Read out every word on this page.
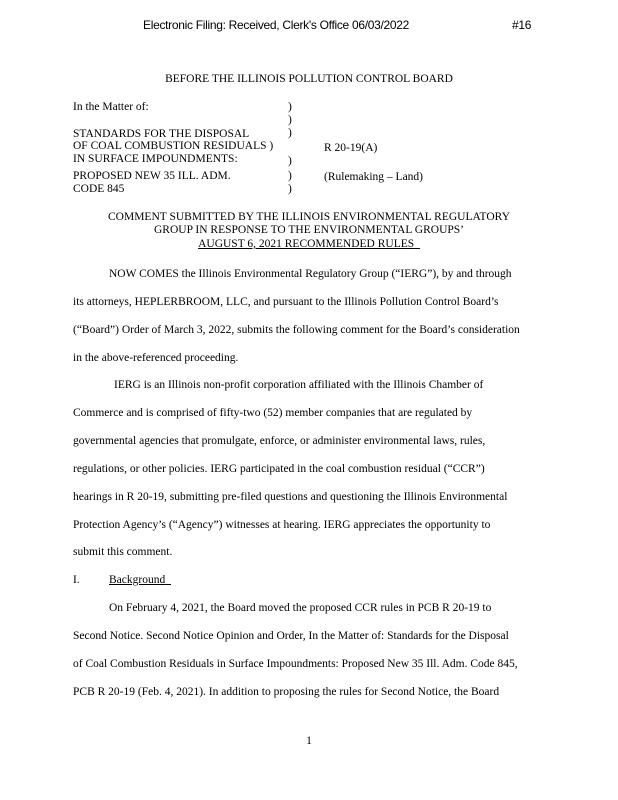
Electronic Filing: Received, Clerk's Office 06/03/2022	#16
BEFORE THE ILLINOIS POLLUTION CONTROL BOARD
In the Matter of:
STANDARDS FOR THE DISPOSAL
OF COAL COMBUSTION RESIDUALS )
IN SURFACE IMPOUNDMENTS:
PROPOSED NEW 35 ILL. ADM.
CODE 845
)
)
)
)
)
)
R 20-19(A)
(Rulemaking – Land)
COMMENT SUBMITTED BY THE ILLINOIS ENVIRONMENTAL REGULATORY
GROUP IN RESPONSE TO THE ENVIRONMENTAL GROUPS’
AUGUST 6, 2021 RECOMMENDED RULES
NOW COMES the Illinois Environmental Regulatory Group (“IERG”), by and through
its attorneys, HEPLERBROOM, LLC, and pursuant to the Illinois Pollution Control Board’s
(“Board”) Order of March 3, 2022, submits the following comment for the Board’s consideration
in the above-referenced proceeding.
IERG is an Illinois non-profit corporation affiliated with the Illinois Chamber of
Commerce and is comprised of fifty-two (52) member companies that are regulated by
governmental agencies that promulgate, enforce, or administer environmental laws, rules,
regulations, or other policies. IERG participated in the coal combustion residual (“CCR”)
hearings in R 20-19, submitting pre-filed questions and questioning the Illinois Environmental
Protection Agency’s (“Agency”) witnesses at hearing. IERG appreciates the opportunity to
submit this comment.
I.	Background
On February 4, 2021, the Board moved the proposed CCR rules in PCB R 20-19 to
Second Notice. Second Notice Opinion and Order, In the Matter of: Standards for the Disposal
of Coal Combustion Residuals in Surface Impoundments: Proposed New 35 Ill. Adm. Code 845,
PCB R 20-19 (Feb. 4, 2021). In addition to proposing the rules for Second Notice, the Board
1
